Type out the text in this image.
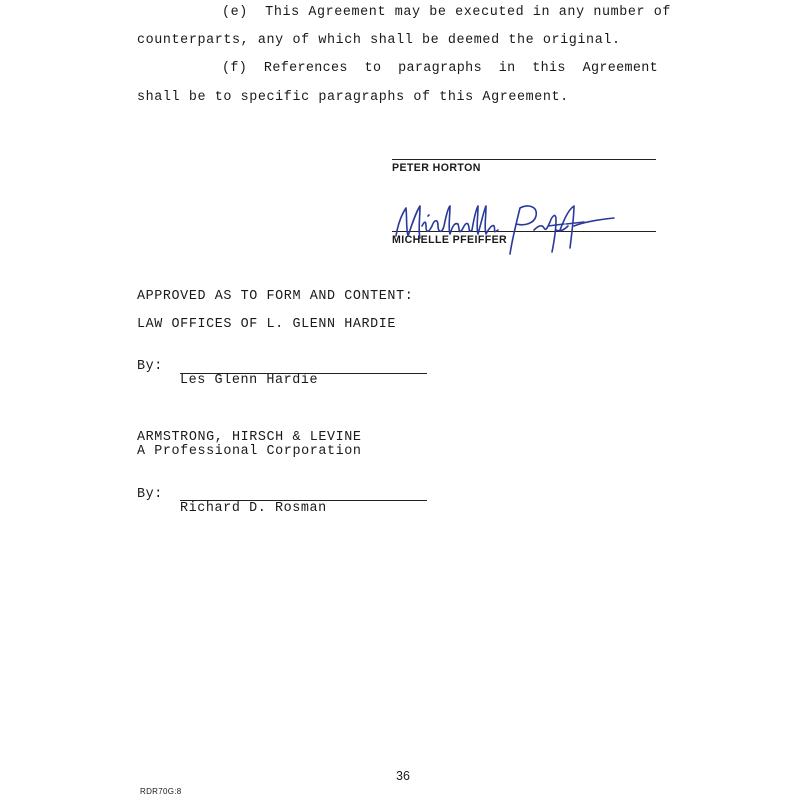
(e)  This Agreement may be executed in any number of
counterparts, any of which shall be deemed the original.
(f)  References  to  paragraphs  in  this  Agreement
shall be to specific paragraphs of this Agreement.
PETER HORTON
MICHELLE PFEIFFER
APPROVED AS TO FORM AND CONTENT:
LAW OFFICES OF L. GLENN HARDIE
By:
Les Glenn Hardie
ARMSTRONG, HIRSCH & LEVINE
A Professional Corporation
By:
Richard D. Rosman
36
RDR70G:8
